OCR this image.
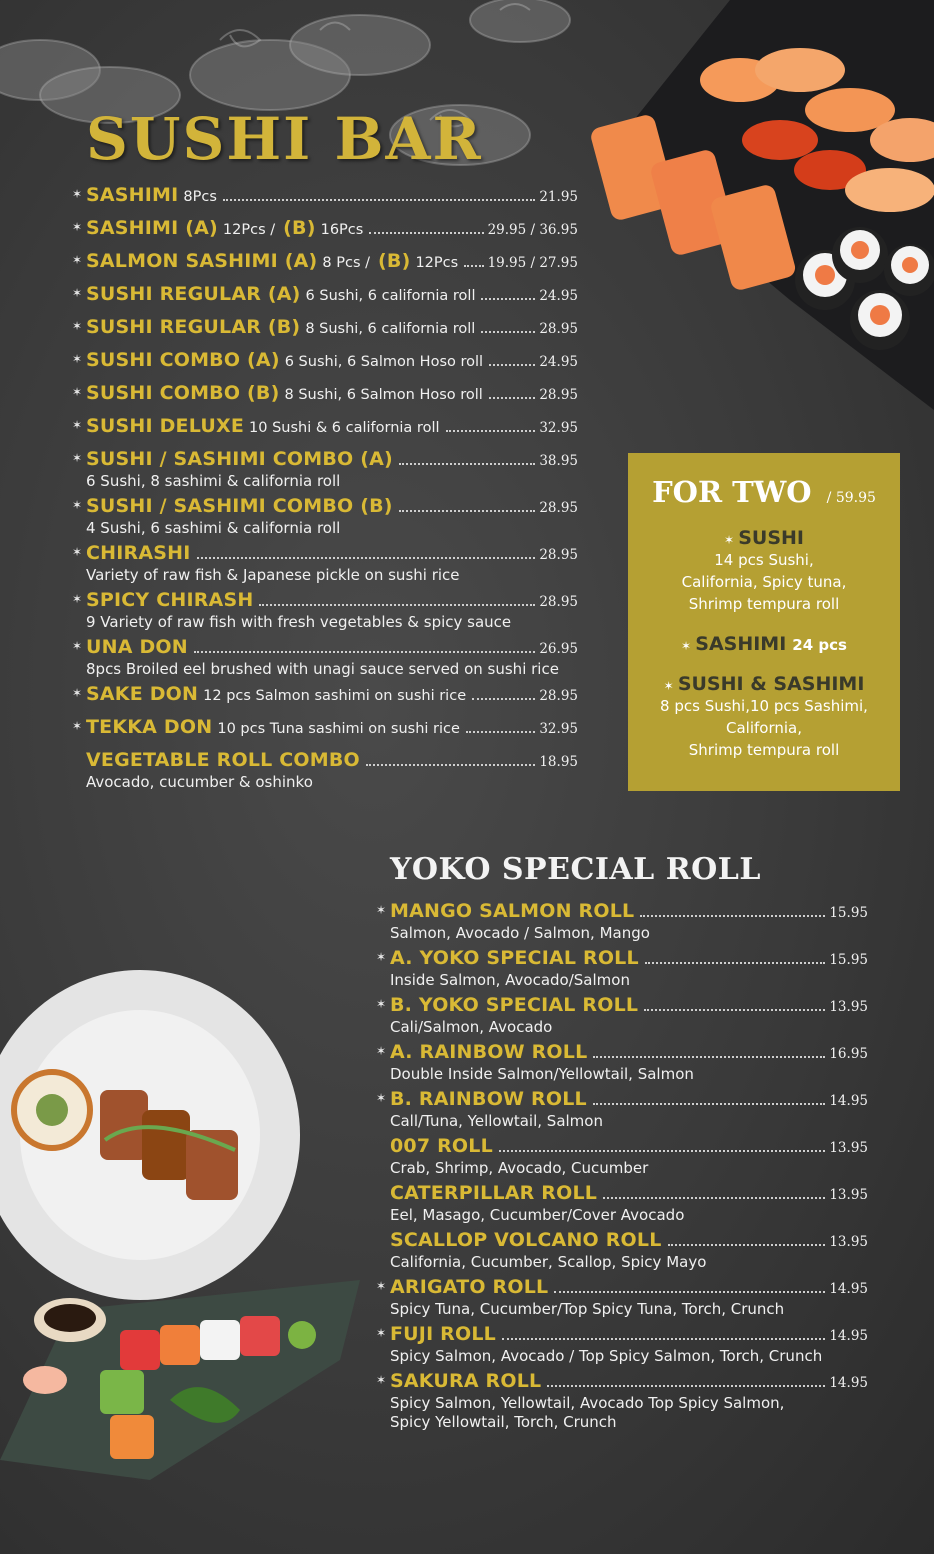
SUSHI BAR
✶ SASHIMI 8Pcs	21.95
✶ SASHIMI (A) 12Pcs / (B) 16Pcs	29.95 / 36.95
✶ SALMON SASHIMI (A) 8 Pcs / (B) 12Pcs 19.95 / 27.95
✶ SUSHI REGULAR (A) 6 Sushi, 6 california roll	24.95
✶ SUSHI REGULAR (B) 8 Sushi, 6 california roll	28.95
✶ SUSHI COMBO (A) 6 Sushi, 6 Salmon Hoso roll	24.95
✶ SUSHI COMBO (B) 8 Sushi, 6 Salmon Hoso roll	28.95
✶ SUSHI DELUXE 10 Sushi & 6 california roll	32.95
✶ SUSHI / SASHIMI COMBO (A)	38.95
6 Sushi, 8 sashimi & california roll
✶ SUSHI / SASHIMI COMBO (B)	28.95
4 Sushi, 6 sashimi & california roll
✶ CHIRASHI	28.95
Variety of raw fish & Japanese pickle on sushi rice
✶ SPICY CHIRASH	28.95
9 Variety of raw fish with fresh vegetables & spicy sauce
✶ UNA DON	26.95
8pcs Broiled eel brushed with unagi sauce served on sushi rice
✶ SAKE DON 12 pcs Salmon sashimi on sushi rice	28.95
✶ TEKKA DON 10 pcs Tuna sashimi on sushi rice	32.95
VEGETABLE ROLL COMBO	18.95
Avocado, cucumber & oshinko
FOR TWO / 59.95
✶ SUSHI
14 pcs Sushi,
California, Spicy tuna,
Shrimp tempura roll
✶ SASHIMI 24 pcs
✶ SUSHI & SASHIMI
8 pcs Sushi,10 pcs Sashimi,
California,
Shrimp tempura roll
YOKO SPECIAL ROLL
✶ MANGO SALMON ROLL	15.95
Salmon, Avocado / Salmon, Mango
✶ A. YOKO SPECIAL ROLL	15.95
Inside Salmon, Avocado/Salmon
✶ B. YOKO SPECIAL ROLL	13.95
Cali/Salmon, Avocado
✶ A. RAINBOW ROLL	16.95
Double Inside Salmon/Yellowtail, Salmon
✶ B. RAINBOW ROLL	14.95
Call/Tuna, Yellowtail, Salmon
007 ROLL	13.95
Crab, Shrimp, Avocado, Cucumber
CATERPILLAR ROLL	13.95
Eel, Masago, Cucumber/Cover Avocado
SCALLOP VOLCANO ROLL	13.95
California, Cucumber, Scallop, Spicy Mayo
✶ ARIGATO ROLL	14.95
Spicy Tuna, Cucumber/Top Spicy Tuna, Torch, Crunch
✶ FUJI ROLL	14.95
Spicy Salmon, Avocado / Top Spicy Salmon, Torch, Crunch
✶ SAKURA ROLL	14.95
Spicy Salmon, Yellowtail, Avocado Top Spicy Salmon,
Spicy Yellowtail, Torch, Crunch
